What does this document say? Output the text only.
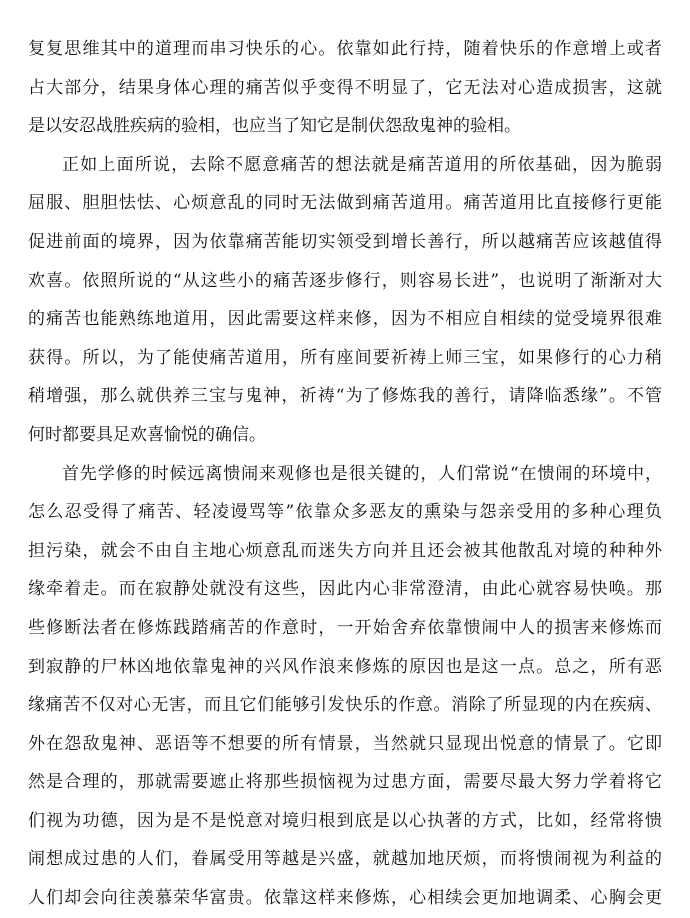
复复思维其中的道理而串习快乐的心。依靠如此行持，随着快乐的作意增上或者
占大部分，结果身体心理的痛苦似乎变得不明显了，它无法对心造成损害，这就
是以安忍战胜疾病的验相，也应当了知它是制伏怨敌鬼神的验相。
正如上面所说，去除不愿意痛苦的想法就是痛苦道用的所依基础，因为脆弱
屈服、胆胆怯怯、心烦意乱的同时无法做到痛苦道用。痛苦道用比直接修行更能
促进前面的境界，因为依靠痛苦能切实领受到增长善行，所以越痛苦应该越值得
欢喜。依照所说的“从这些小的痛苦逐步修行，则容易长进”，也说明了渐渐对大
的痛苦也能熟练地道用，因此需要这样来修，因为不相应自相续的觉受境界很难
获得。所以，为了能使痛苦道用，所有座间要祈祷上师三宝，如果修行的心力稍
稍增强，那么就供养三宝与鬼神，祈祷“为了修炼我的善行，请降临悉缘”。不管
何时都要具足欢喜愉悦的确信。
首先学修的时候远离愦闹来观修也是很关键的，人们常说“在愦闹的环境中，
怎么忍受得了痛苦、轻凌谩骂等”依靠众多恶友的熏染与怨亲受用的多种心理负
担污染，就会不由自主地心烦意乱而迷失方向并且还会被其他散乱对境的种种外
缘牵着走。而在寂静处就没有这些，因此内心非常澄清，由此心就容易快唤。那
些修断法者在修炼践踏痛苦的作意时，一开始舍弃依靠愦闹中人的损害来修炼而
到寂静的尸林凶地依靠鬼神的兴风作浪来修炼的原因也是这一点。总之，所有恶
缘痛苦不仅对心无害，而且它们能够引发快乐的作意。消除了所显现的内在疾病、
外在怨敌鬼神、恶语等不想要的所有情景，当然就只显现出悦意的情景了。它即
然是合理的，那就需要遮止将那些损恼视为过患方面，需要尽最大努力学着将它
们视为功德，因为是不是悦意对境归根到底是以心执著的方式，比如，经常将愦
闹想成过患的人们，眷属受用等越是兴盛，就越加地厌烦，而将愦闹视为利益的
人们却会向往羡慕荣华富贵。依靠这样来修炼，心相续会更加地调柔、心胸会更
